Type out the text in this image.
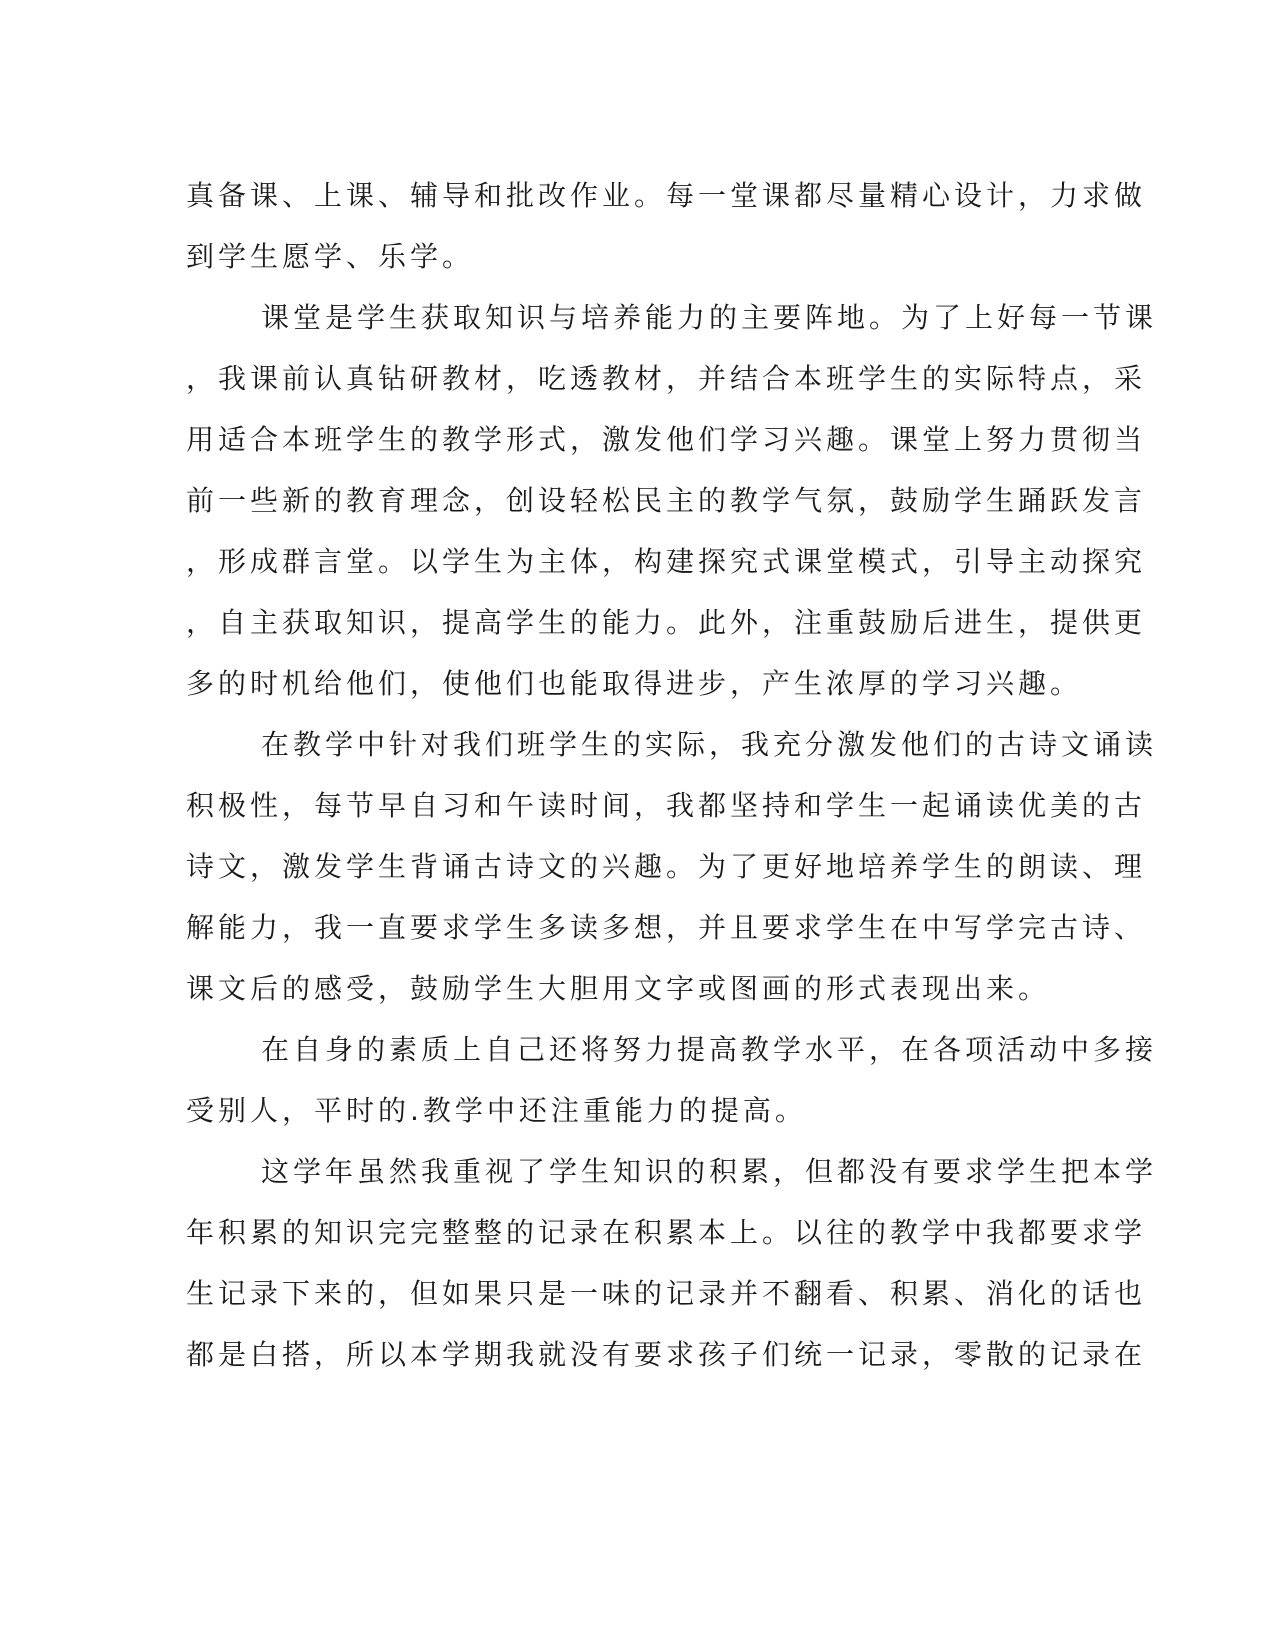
真备课、上课、辅导和批改作业。每一堂课都尽量精心设计，力求做
到学生愿学、乐学。
课堂是学生获取知识与培养能力的主要阵地。为了上好每一节课
，我课前认真钻研教材，吃透教材，并结合本班学生的实际特点，采
用适合本班学生的教学形式，激发他们学习兴趣。课堂上努力贯彻当
前一些新的教育理念，创设轻松民主的教学气氛，鼓励学生踊跃发言
，形成群言堂。以学生为主体，构建探究式课堂模式，引导主动探究
，自主获取知识，提高学生的能力。此外，注重鼓励后进生，提供更
多的时机给他们，使他们也能取得进步，产生浓厚的学习兴趣。
在教学中针对我们班学生的实际，我充分激发他们的古诗文诵读
积极性，每节早自习和午读时间，我都坚持和学生一起诵读优美的古
诗文，激发学生背诵古诗文的兴趣。为了更好地培养学生的朗读、理
解能力，我一直要求学生多读多想，并且要求学生在中写学完古诗、
课文后的感受，鼓励学生大胆用文字或图画的形式表现出来。
在自身的素质上自己还将努力提高教学水平，在各项活动中多接
受别人，平时的.教学中还注重能力的提高。
这学年虽然我重视了学生知识的积累，但都没有要求学生把本学
年积累的知识完完整整的记录在积累本上。以往的教学中我都要求学
生记录下来的，但如果只是一味的记录并不翻看、积累、消化的话也
都是白搭，所以本学期我就没有要求孩子们统一记录，零散的记录在
